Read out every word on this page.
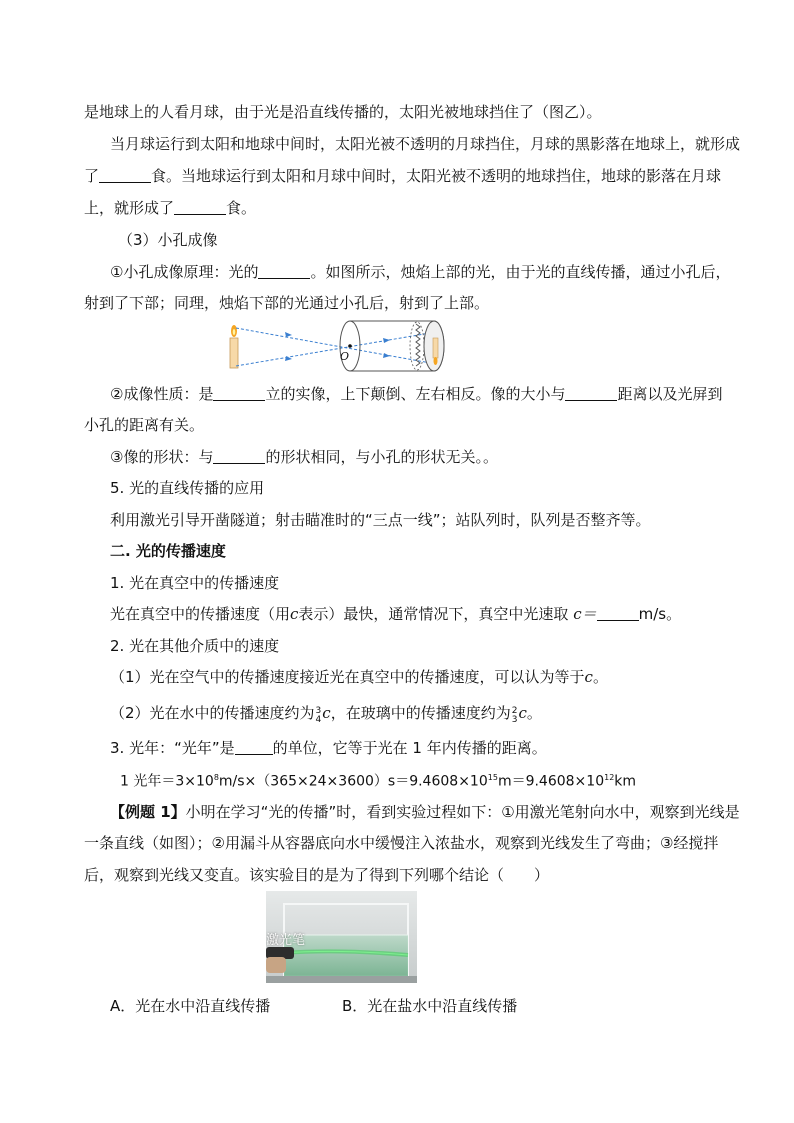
是地球上的人看月球，由于光是沿直线传播的，太阳光被地球挡住了（图乙）。
当月球运行到太阳和地球中间时，太阳光被不透明的月球挡住，月球的黑影落在地球上，就形成
了	食。当地球运行到太阳和月球中间时，太阳光被不透明的地球挡住，地球的影落在月球
上，就形成了	食。
（3）小孔成像
①小孔成像原理：光的	。如图所示，烛焰上部的光，由于光的直线传播，通过小孔后，
射到了下部；同理，烛焰下部的光通过小孔后，射到了上部。
O
②成像性质：是	立的实像，上下颠倒、左右相反。像的大小与	距离以及光屏到
小孔的距离有关。
③像的形状：与	的形状相同，与小孔的形状无关。。
5. 光的直线传播的应用
利用激光引导开凿隧道；射击瞄准时的“三点一线”；站队列时，队列是否整齐等。
二. 光的传播速度
1. 光在真空中的传播速度
光在真空中的传播速度（用c表示）最快，通常情况下，真空中光速取 c＝	m/s。
2. 光在其他介质中的速度
（1）光在空气中的传播速度接近光在真空中的传播速度，可以认为等于c。
（2）光在水中的传播速度约为 3
4 c，在玻璃中的传播速度约为 2
3 c。
3. 光年：“光年”是	的单位，它等于光在 1 年内传播的距离。
1 光年$=3\times 10^8m/s\times(365\times 24\times 3600)s=9.4608\times 10^{15}m=9.4608\times 10^{12}km$
【例题 1】小明在学习“光的传播”时，看到实验过程如下：①用激光笔射向水中，观察到光线是
一条直线（如图）；②用漏斗从容器底向水中缓慢注入浓盐水，观察到光线发生了弯曲；③经搅拌
后，观察到光线又变直。该实验目的是为了得到下列哪个结论（　　）
激光笔
A．光在水中沿直线传播	B．光在盐水中沿直线传播
